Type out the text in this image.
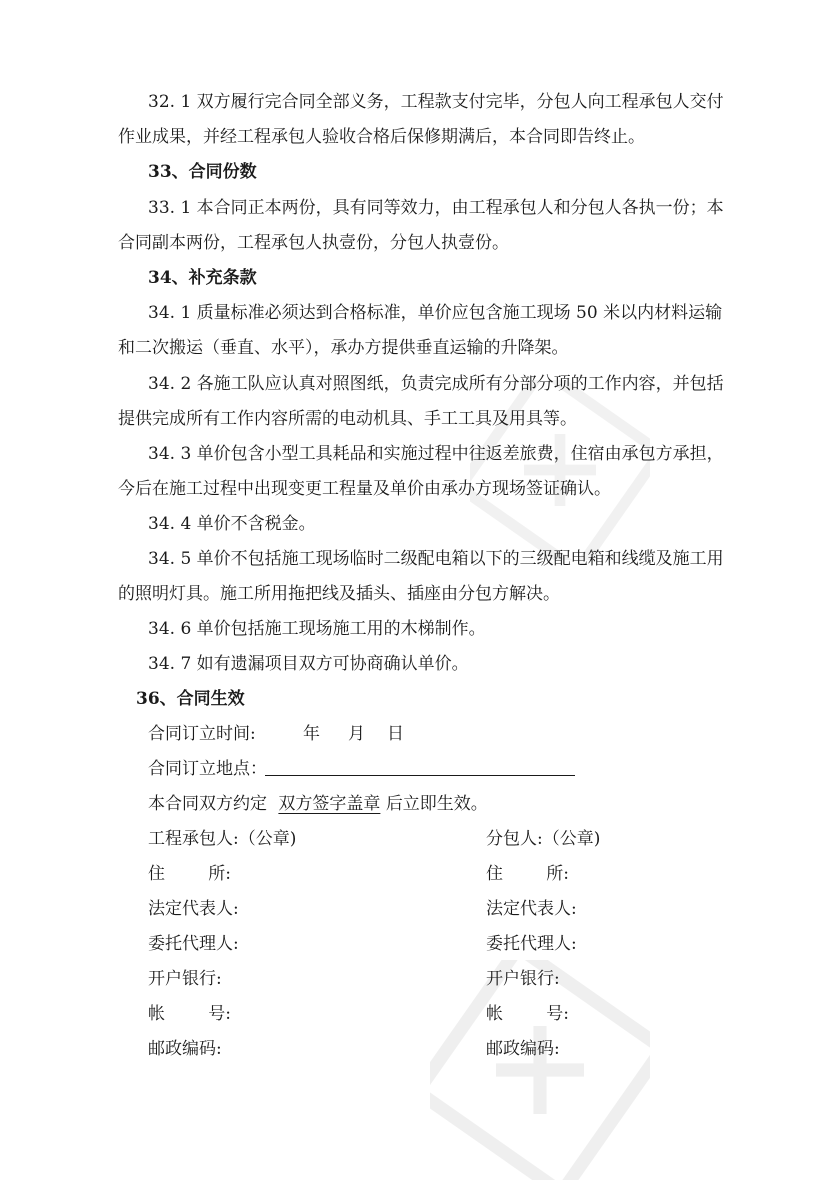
32. 1 双方履行完合同全部义务，工程款支付完毕，分包人向工程承包人交付
作业成果，并经工程承包人验收合格后保修期满后，本合同即告终止。
33、合同份数
33. 1 本合同正本两份，具有同等效力，由工程承包人和分包人各执一份；本
合同副本两份，工程承包人执壹份，分包人执壹份。
34、补充条款
34. 1 质量标准必须达到合格标准，单价应包含施工现场 50 米以内材料运输
和二次搬运（垂直、水平），承办方提供垂直运输的升降架。
34. 2 各施工队应认真对照图纸，负责完成所有分部分项的工作内容，并包括
提供完成所有工作内容所需的电动机具、手工工具及用具等。
34. 3 单价包含小型工具耗品和实施过程中往返差旅费，住宿由承包方承担，
今后在施工过程中出现变更工程量及单价由承办方现场签证确认。
34. 4 单价不含税金。
34. 5 单价不包括施工现场临时二级配电箱以下的三级配电箱和线缆及施工用
的照明灯具。施工所用拖把线及插头、插座由分包方解决。
34. 6 单价包括施工现场施工用的木梯制作。
34. 7 如有遗漏项目双方可协商确认单价。
36、合同生效
合同订立时间:	年 月 日
合同订立地点：
本合同双方约定 双方签字盖章 后立即生效。
工程承包人:（公章)	分包人:（公章)
住        所:	住        所:
法定代表人:	法定代表人:
委托代理人:	委托代理人:
开户银行:	开户银行:
帐        号:	帐        号:
邮政编码:	邮政编码:
